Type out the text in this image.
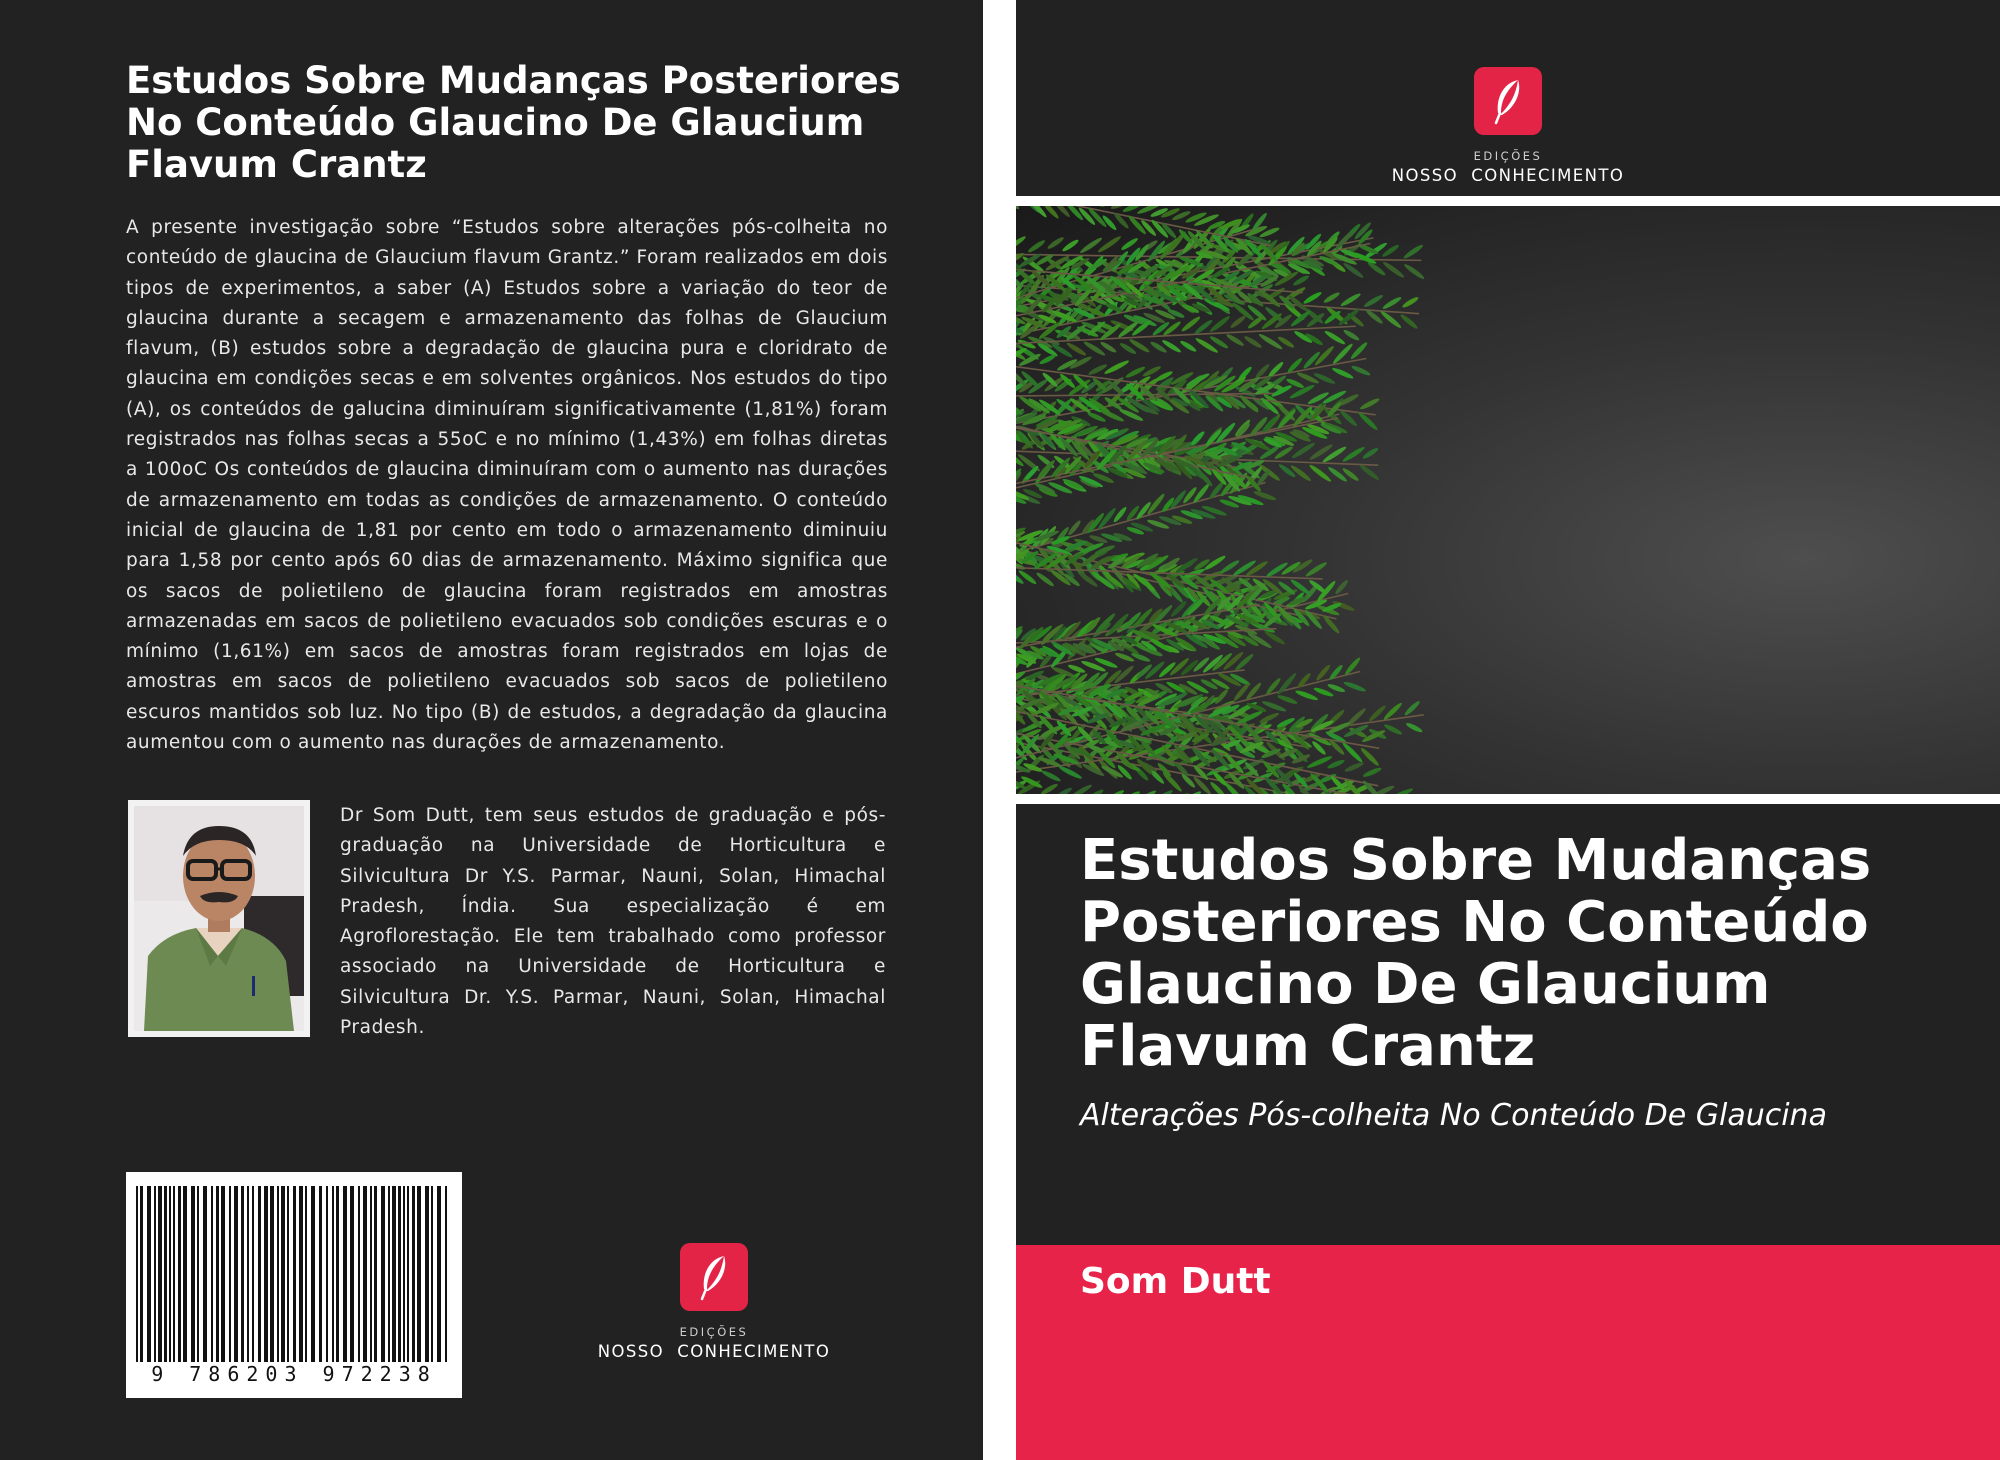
Estudos Sobre Mudanças Posteriores No Conteúdo Glaucino De Glaucium Flavum Crantz

A presente investigação sobre “Estudos sobre alterações pós-colheita no conteúdo de glaucina de Glaucium flavum Grantz.” Foram realizados em dois tipos de experimentos, a saber (A) Estudos sobre a variação do teor de glaucina durante a secagem e armazenamento das folhas de Glaucium flavum, (B) estudos sobre a degradação de glaucina pura e cloridrato de glaucina em condições secas e em solventes orgânicos. Nos estudos do tipo (A), os conteúdos de galucina diminuíram significativamente (1,81%) foram registrados nas folhas secas a 55oC e no mínimo (1,43%) em folhas diretas a 100oC Os conteúdos de glaucina diminuíram com o aumento nas durações de armazenamento em todas as condições de armazenamento. O conteúdo inicial de glaucina de 1,81 por cento em todo o armazenamento diminuiu para 1,58 por cento após 60 dias de armazenamento. Máximo significa que os sacos de polietileno de glaucina foram registrados em amostras armazenadas em sacos de polietileno evacuados sob condições escuras e o mínimo (1,61%) em sacos de amostras foram registrados em lojas de amostras em sacos de polietileno evacuados sob sacos de polietileno escuros mantidos sob luz. No tipo (B) de estudos, a degradação da glaucina aumentou com o aumento nas durações de armazenamento.

Dr Som Dutt, tem seus estudos de graduação e pós-graduação na Universidade de Horticultura e Silvicultura Dr Y.S. Parmar, Nauni, Solan, Himachal Pradesh, Índia. Sua especialização é em Agroflorestação. Ele tem trabalhado como professor associado na Universidade de Horticultura e Silvicultura Dr. Y.S. Parmar, Nauni, Solan, Himachal Pradesh.

9 786203 972238
EDIÇÕES
NOSSO  CONHECIMENTO
EDIÇÕES
NOSSO  CONHECIMENTO
Estudos Sobre Mudanças Posteriores No Conteúdo Glaucino De Glaucium Flavum Crantz

Alterações Pós-colheita No Conteúdo De Glaucina

Som Dutt
